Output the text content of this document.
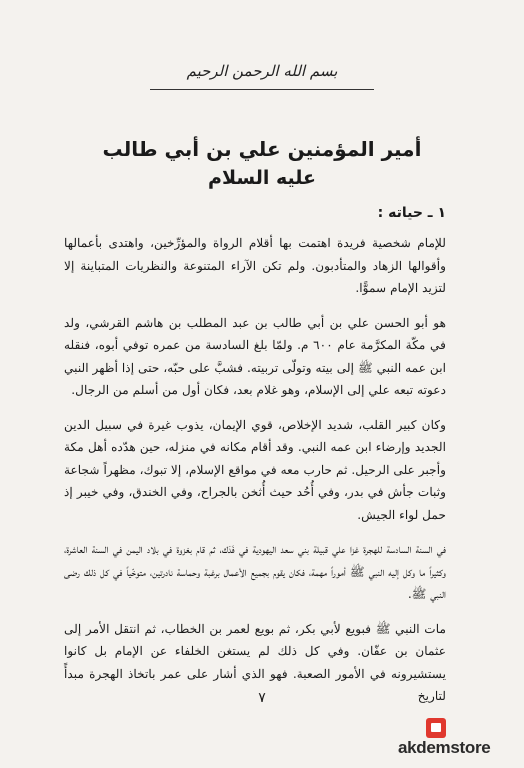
بسم الله الرحمن الرحيم
أمير المؤمنين علي بن أبي طالب
عليه السلام
١ ـ حياته :

للإمام شخصية فريدة اهتمت بها أقلام الرواة والمؤرِّخين، واهتدى بأعمالها وأقوالها الزهاد والمتأدبون. ولم تكن الآراء المتنوعة والنظريات المتباينة إلا لتزيد الإمام سموًّا.

هو أبو الحسن علي بن أبي طالب بن عبد المطلب بن هاشم القرشي، ولد في مكّة المكرَّمة عام ٦٠٠ م. ولمّا بلغ السادسة من عمره توفي أبوه، فنقله ابن عمه النبي ﷺ إلى بيته وتولّى تربيته. فشبَّ على حبّه، حتى إذا أظهر النبي دعوته تبعه علي إلى الإسلام، وهو غلام بعد، فكان أول من أسلم من الرجال.

وكان كبير القلب، شديد الإخلاص، قوي الإيمان، يذوب غيرة في سبيل الدين الجديد وإرضاء ابن عمه النبي. وقد أقام مكانه في منزله، حين هدّده أهل مكة وأجبر على الرحيل. ثم حارب معه في مواقع الإسلام، إلا تبوك، مظهراً شجاعة وثبات جأش في بدر، وفي أُحُد حيث أُثخن بالجراح، وفي الخندق، وفي خيبر إذ حمل لواء الجيش.

في السنة السادسة للهجرة غزا علي قبيلة بني سعد اليهودية في فَدَك، ثم قام بغزوة في بلاد اليمن في السنة العاشرة، وكثيراً ما وكل إليه النبي ﷺ أموراً مهمة، فكان يقوم بجميع الأعمال برغبة وحماسة نادرتين، متوخّياً في كل ذلك رضى النبي ﷺ.

مات النبي ﷺ فبويع لأبي بكر، ثم بويع لعمر بن الخطاب، ثم انتقل الأمر إلى عثمان بن عفّان. وفي كل ذلك لم يستغن الخلفاء عن الإمام بل كانوا يستشيرونه في الأمور الصعبة. فهو الذي أشار على عمر باتخاذ الهجرة مبدأً لتاريخ

٧
akdemstore
